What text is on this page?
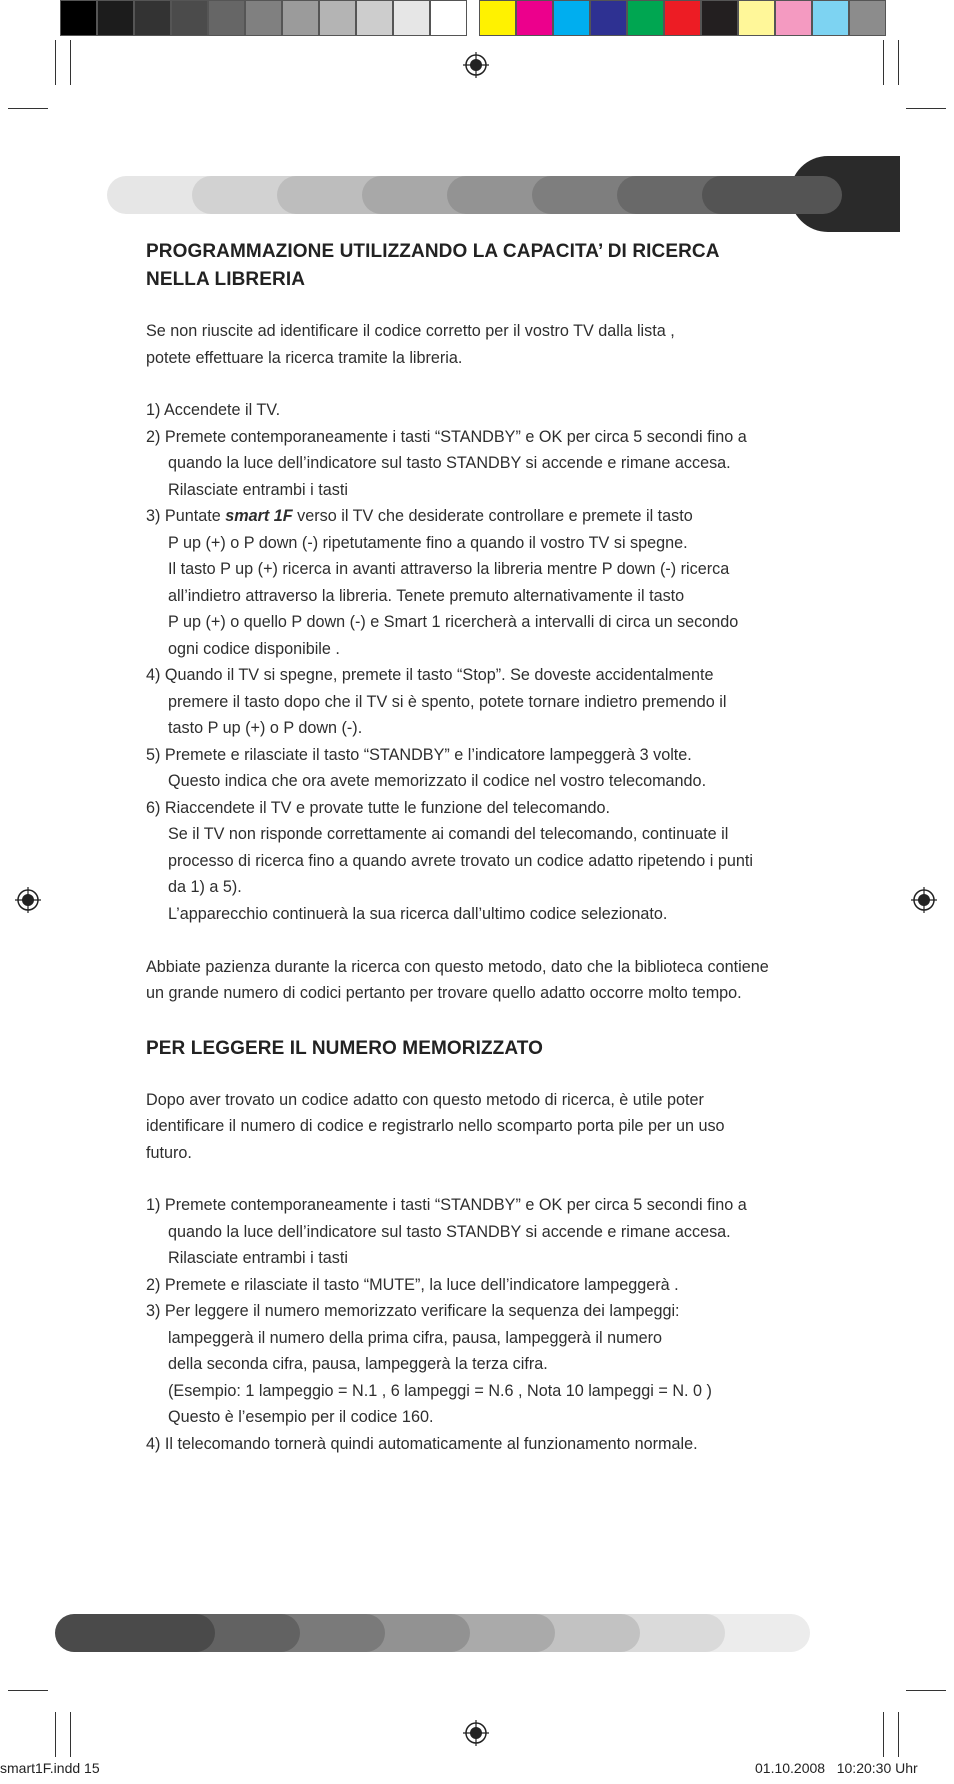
PROGRAMMAZIONE UTILIZZANDO LA CAPACITA’ DI RICERCA
NELLA LIBRERIA

Se non riuscite ad identificare il codice corretto per il vostro TV dalla lista ,
potete effettuare la ricerca tramite la libreria.

1) Accendete il TV.
2) Premete contemporaneamente i tasti “STANDBY” e OK per circa 5 secondi fino a
quando la luce dell’indicatore sul tasto STANDBY si accende e rimane accesa.
Rilasciate entrambi i tasti
3) Puntate smart 1F verso il TV che desiderate controllare e premete il tasto
P up (+) o P down (-) ripetutamente fino a quando il vostro TV si spegne.
Il tasto P up (+) ricerca in avanti attraverso la libreria mentre P down (-) ricerca
all’indietro attraverso la libreria. Tenete premuto alternativamente il tasto
P up (+) o quello P down (-) e Smart 1 ricercherà a intervalli di circa un secondo
ogni codice disponibile .
4) Quando il TV si spegne, premete il tasto “Stop”. Se doveste accidentalmente
premere il tasto dopo che il TV si è spento, potete tornare indietro premendo il
tasto P up (+) o P down (-).
5) Premete e rilasciate il tasto “STANDBY” e l’indicatore lampeggerà 3 volte.
Questo indica che ora avete memorizzato il codice nel vostro telecomando.
6) Riaccendete il TV e provate tutte le funzione del telecomando.
Se il TV non risponde correttamente ai comandi del telecomando, continuate il
processo di ricerca fino a quando avrete trovato un codice adatto ripetendo i punti
da 1) a 5).
L’apparecchio continuerà la sua ricerca dall’ultimo codice selezionato.

Abbiate pazienza durante la ricerca con questo metodo, dato che la biblioteca contiene
un grande numero di codici pertanto per trovare quello adatto occorre molto tempo.

PER LEGGERE IL NUMERO MEMORIZZATO

Dopo aver trovato un codice adatto con questo metodo di ricerca, è utile poter
identificare il numero di codice e registrarlo nello scomparto porta pile per un uso
futuro.

1) Premete contemporaneamente i tasti “STANDBY” e OK per circa 5 secondi fino a
quando la luce dell’indicatore sul tasto STANDBY si accende e rimane accesa.
Rilasciate entrambi i tasti
2) Premete e rilasciate il tasto “MUTE”, la luce dell’indicatore lampeggerà .
3) Per leggere il numero memorizzato verificare la sequenza dei lampeggi:
lampeggerà il numero della prima cifra, pausa, lampeggerà il numero
della seconda cifra, pausa, lampeggerà la terza cifra.
(Esempio: 1 lampeggio = N.1 , 6 lampeggi = N.6 , Nota 10 lampeggi = N. 0 )
Questo è l’esempio per il codice 160.
4) Il telecomando tornerà quindi automaticamente al funzionamento normale.
smart1F.indd 15	01.10.2008   10:20:30 Uhr
